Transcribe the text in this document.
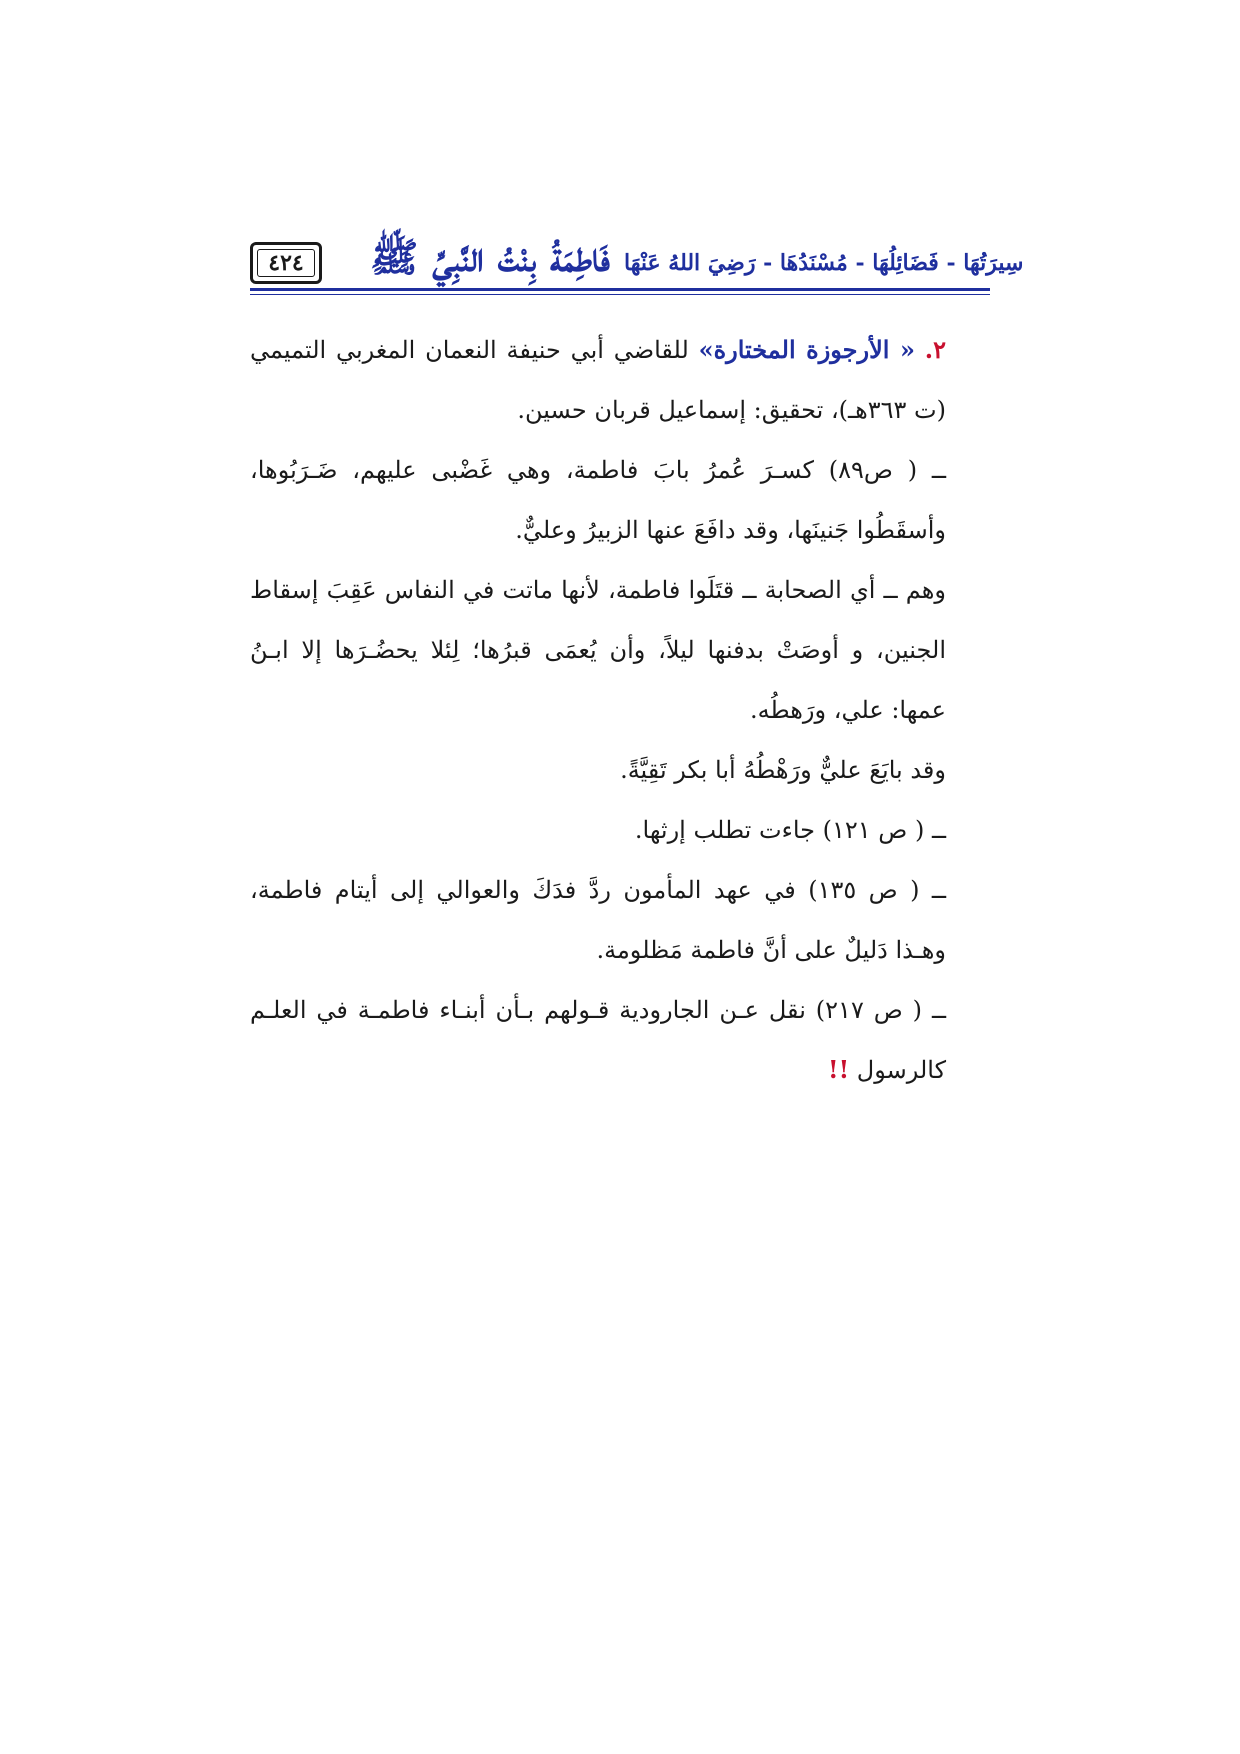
٤٢٤ فَاطِمَةُ بِنْتُ النَّبِيِّ ﷺ سِيرَتُهَا - فَضَائِلُهَا - مُسْنَدُهَا - رَضِيَ اللهُ عَنْهَا

٢. « الأرجوزة المختارة» للقاضي أبي حنيفة النعمان المغربي التميمي (ت ٣٦٣هـ)، تحقيق: إسماعيل قربان حسين.

ــ ( ص٨٩) كسـرَ عُمرُ بابَ فاطمة، وهي غَضْبى عليهم، ضَـرَبُوها، وأسقَطُوا جَنينَها، وقد دافَعَ عنها الزبيرُ وعليٌّ.

وهم ــ أي الصحابة ــ قتَلَوا فاطمة، لأنها ماتت في النفاس عَقِبَ إسقاط الجنين، و أوصَتْ بدفنها ليلاً، وأن يُعمَى قبرُها؛ لِئلا يحضُـرَها إلا ابـنُ عمها: علي، ورَهطُه.

وقد بايَعَ عليٌّ ورَهْطُهُ أبا بكر تَقِيَّةً.

ــ ( ص ١٢١) جاءت تطلب إرثها.

ــ ( ص ١٣٥) في عهد المأمون ردَّ فدَكَ والعوالي إلى أيتام فاطمة، وهـذا دَليلٌ على أنَّ فاطمة مَظلومة.

ــ ( ص ٢١٧) نقل عـن الجارودية قـولهم بـأن أبنـاء فاطمـة في العلـم كالرسول !!
